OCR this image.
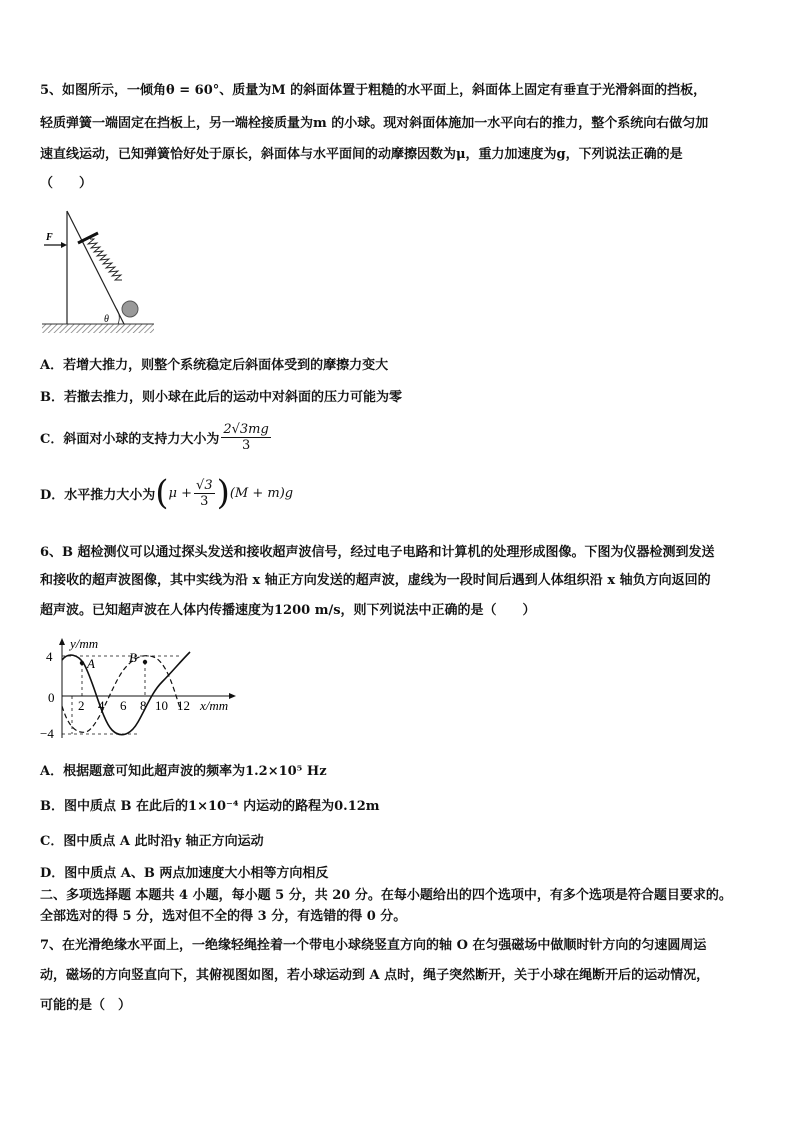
5、如图所示，一倾角θ = 60°、质量为M 的斜面体置于粗糙的水平面上，斜面体上固定有垂直于光滑斜面的挡板，
轻质弹簧一端固定在挡板上，另一端栓接质量为m 的小球。现对斜面体施加一水平向右的推力，整个系统向右做匀加
速直线运动，已知弹簧恰好处于原长，斜面体与水平面间的动摩擦因数为μ，重力加速度为g，下列说法正确的是
（　　）
F
θ
A．若增大推力，则整个系统稳定后斜面体受到的摩擦力变大
B．若撤去推力，则小球在此后的运动中对斜面的压力可能为零
C．斜面对小球的支持力大小为 $\frac{2√3mg}{3}$
D．水平推力大小为 ( $\mu + \frac{√3}{3}$ ) (M + m)g
6、B 超检测仪可以通过探头发送和接收超声波信号，经过电子电路和计算机的处理形成图像。下图为仪器检测到发送
和接收的超声波图像，其中实线为沿 x 轴正方向发送的超声波，虚线为一段时间后遇到人体组织沿 x 轴负方向返回的
超声波。已知超声波在人体内传播速度为1200 m/s，则下列说法中正确的是（　　）
y/mm
x/mm
4
0
−4
2 4 6 8 10 12
A	B
A．根据题意可知此超声波的频率为1.2×10⁵ Hz
B．图中质点 B 在此后的1×10⁻⁴ 内运动的路程为0.12m
C．图中质点 A 此时沿y 轴正方向运动
D．图中质点 A、B 两点加速度大小相等方向相反
二、多项选择题 本题共 4 小题，每小题 5 分，共 20 分。在每小题给出的四个选项中，有多个选项是符合题目要求的。
全部选对的得 5 分，选对但不全的得 3 分，有选错的得 0 分。
7、在光滑绝缘水平面上，一绝缘轻绳拴着一个带电小球绕竖直方向的轴 O 在匀强磁场中做顺时针方向的匀速圆周运
动，磁场的方向竖直向下，其俯视图如图，若小球运动到 A 点时，绳子突然断开，关于小球在绳断开后的运动情况，
可能的是（　）
